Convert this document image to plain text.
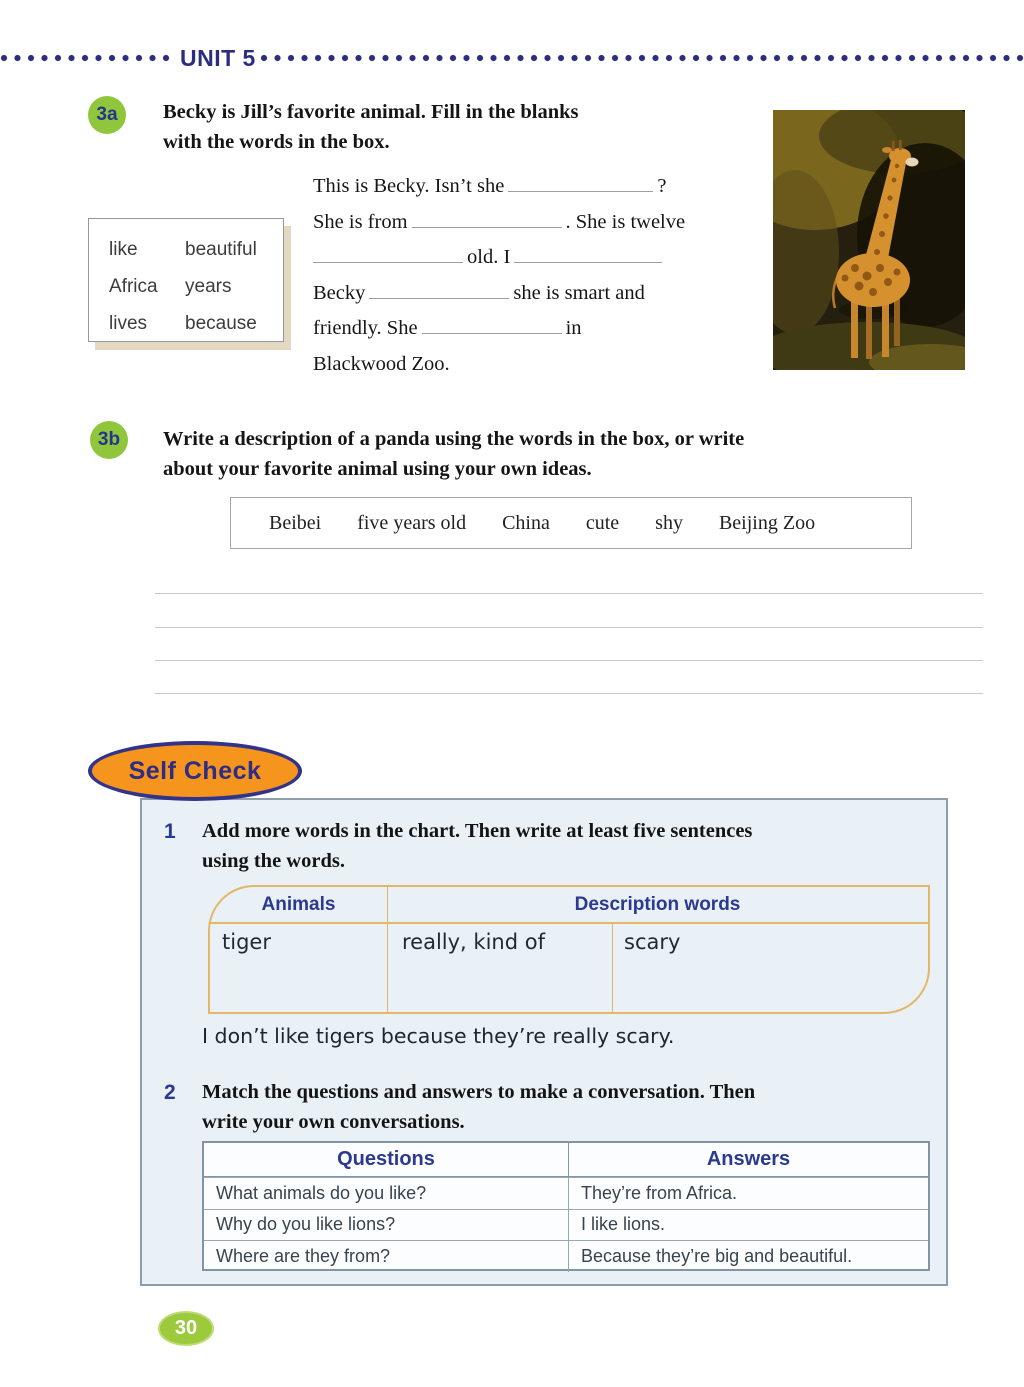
UNIT 5
3a	Becky is Jill’s favorite animal. Fill in the blanks
with the words in the box.
like	beautiful
Africa	years
lives	because
This is Becky. Isn’t she	?
She is from	. She is twelve
old. I
Becky	she is smart and
friendly. She	in
Blackwood Zoo.
3b	Write a description of a panda using the words in the box, or write
about your favorite animal using your own ideas.
Beibei five years old China cute shy Beijing Zoo
Self Check
1 Add more words in the chart. Then write at least five sentences
using the words.
Animals	Description words
tiger	really, kind of	scary
I don’t like tigers because they’re really scary.
2 Match the questions and answers to make a conversation. Then
write your own conversations.
Questions	Answers
What animals do you like?	They’re from Africa.
Why do you like lions?	I like lions.
Where are they from?	Because they’re big and beautiful.
30
